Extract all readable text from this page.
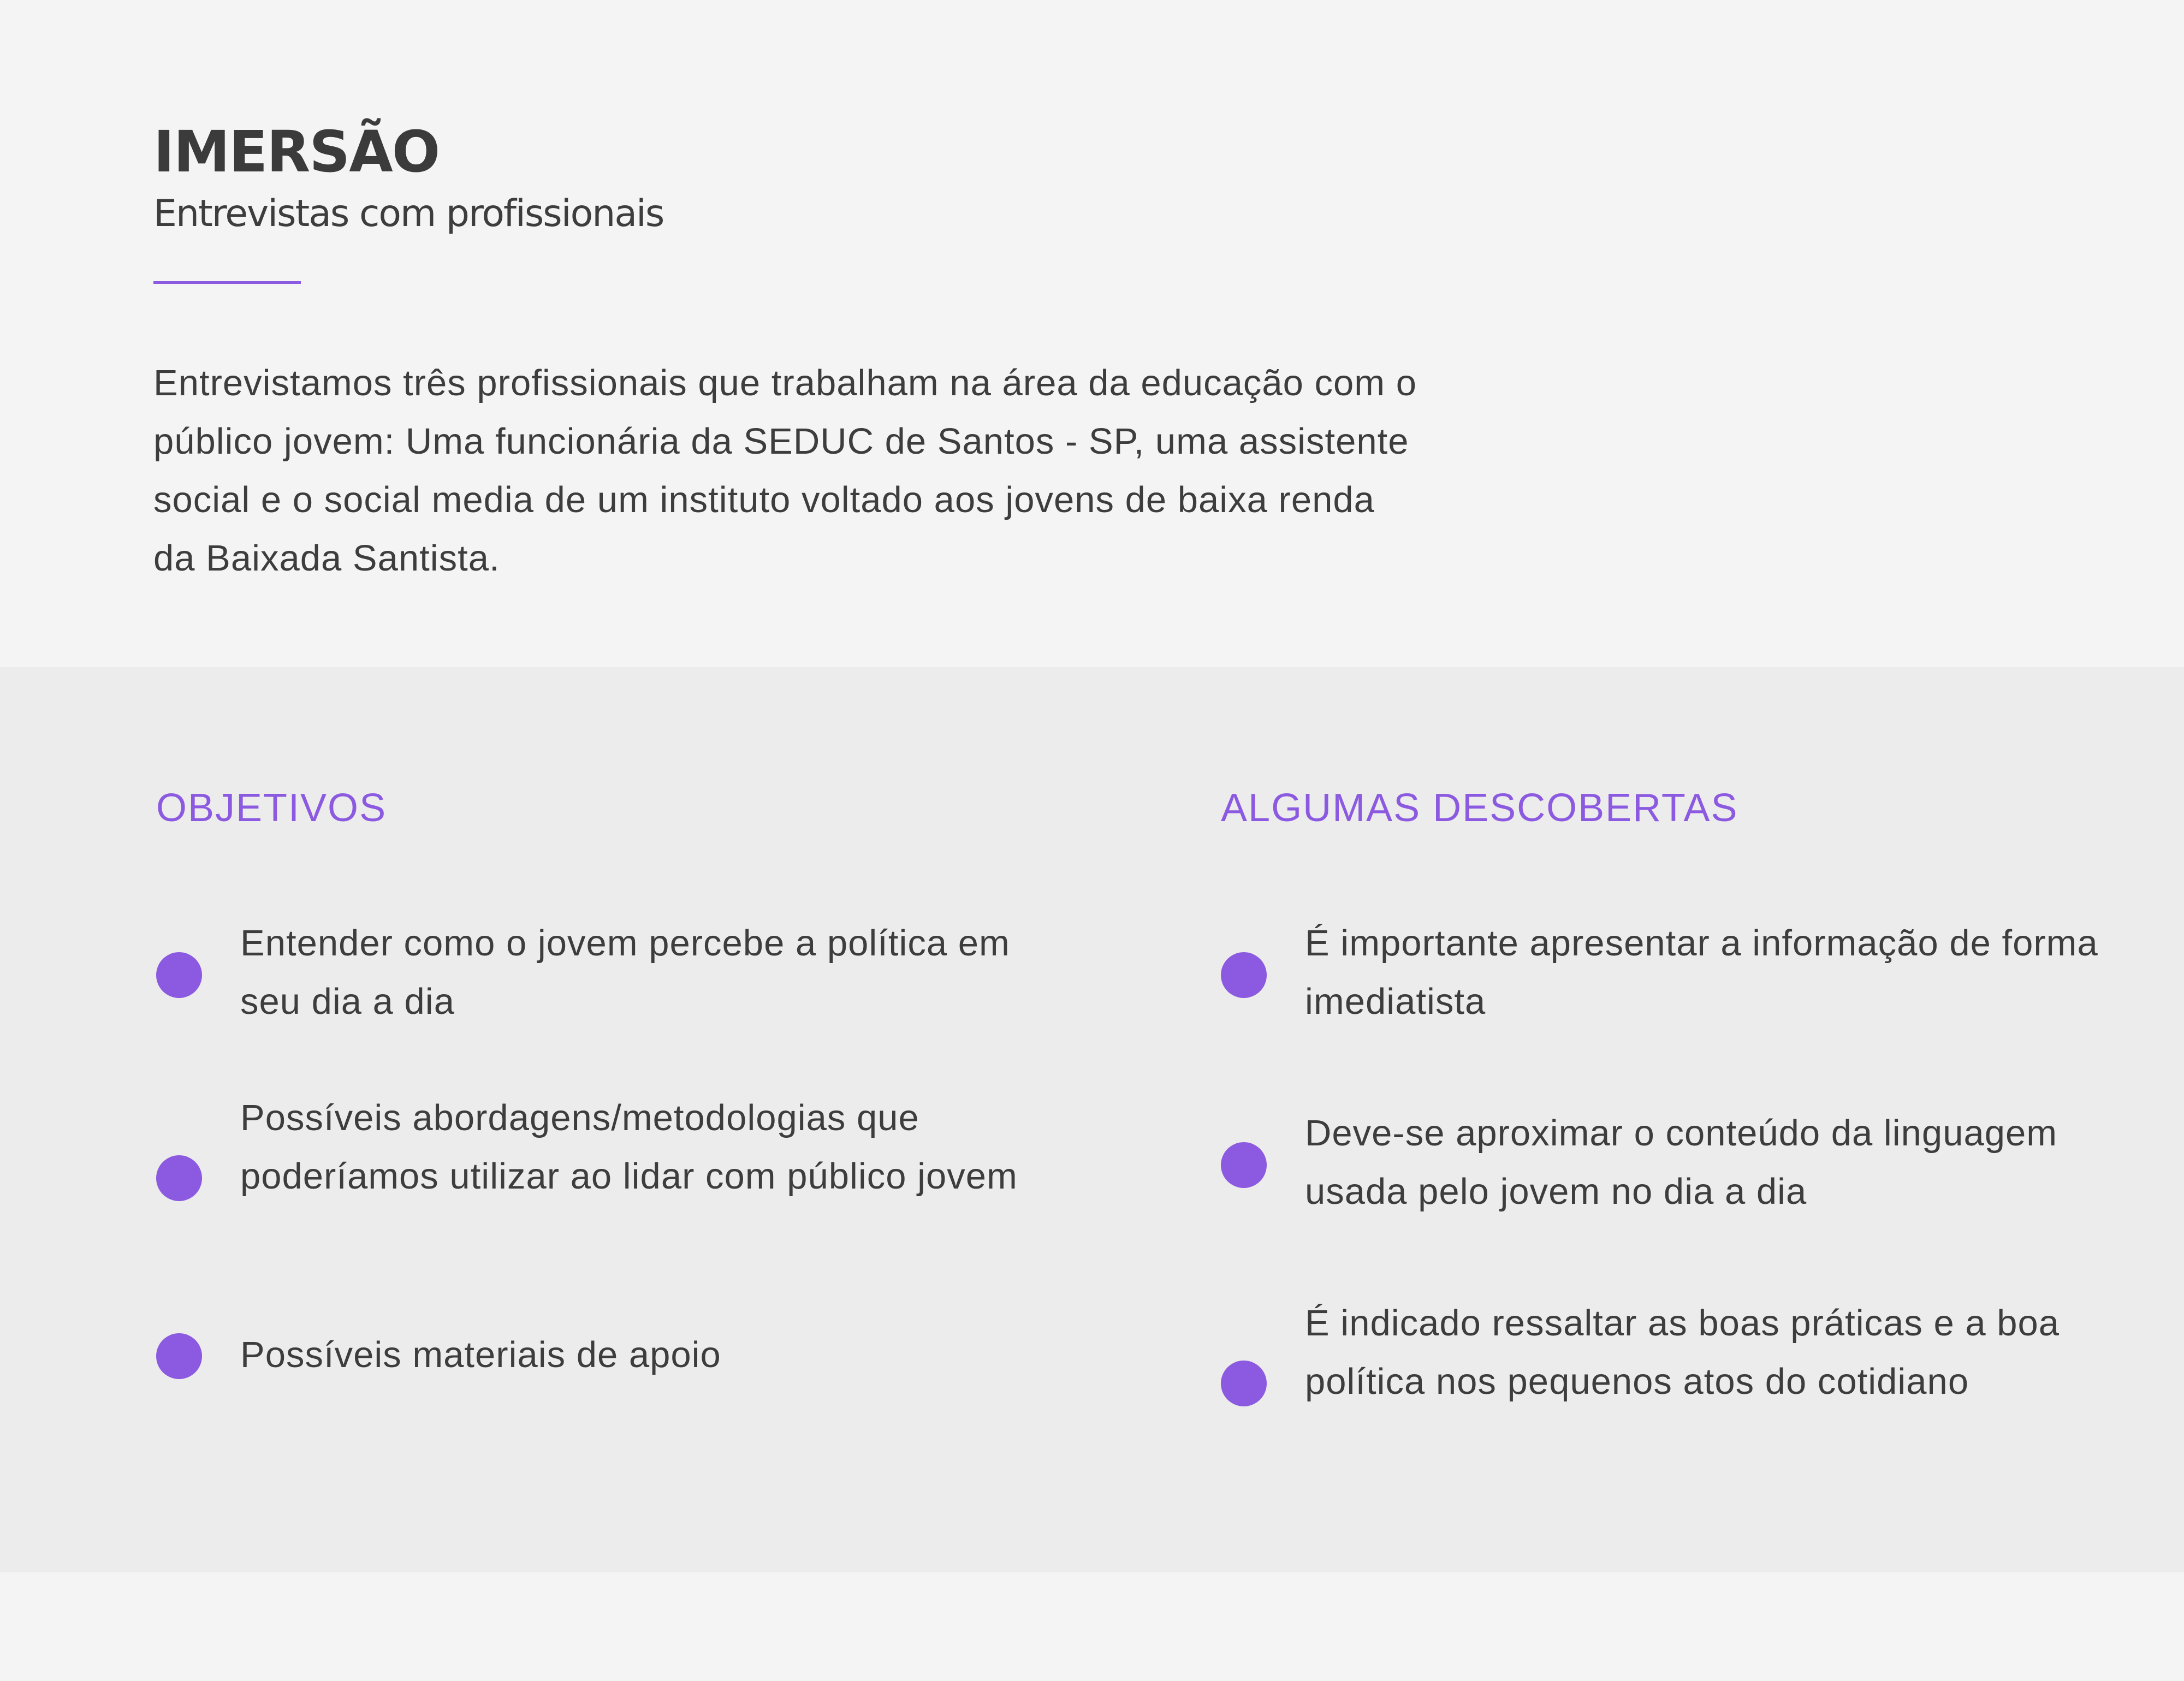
IMERSÃO
Entrevistas com profissionais

Entrevistamos três profissionais que trabalham na área da educação com o público jovem: Uma funcionária da SEDUC de Santos - SP, uma assistente social e o social media de um instituto voltado aos jovens de baixa renda da Baixada Santista.

OBJETIVOS

Entender como o jovem percebe a política em seu dia a dia

Possíveis abordagens/metodologias que poderíamos utilizar ao lidar com público jovem

Possíveis materiais de apoio

ALGUMAS DESCOBERTAS

É importante apresentar a informação de forma imediatista

Deve-se aproximar o conteúdo da linguagem usada pelo jovem no dia a dia

É indicado ressaltar as boas práticas e a boa política nos pequenos atos do cotidiano
